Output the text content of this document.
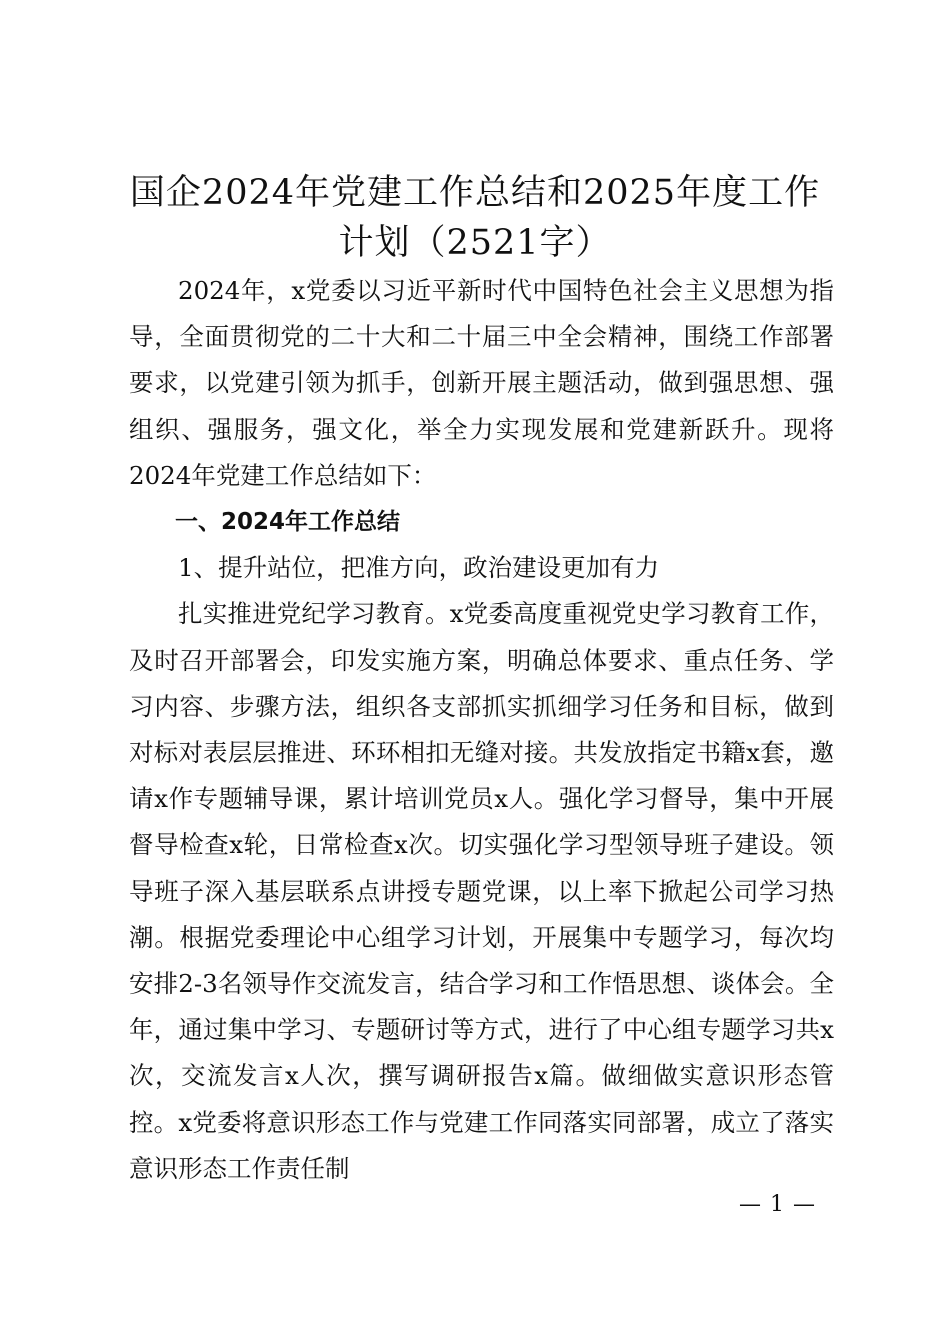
国企2024年党建工作总结和2025年度工作计划（2521字）

2024年，x党委以习近平新时代中国特色社会主义思想为指导，全面贯彻党的二十大和二十届三中全会精神，围绕工作部署要求，以党建引领为抓手，创新开展主题活动，做到强思想、强组织、强服务，强文化，举全力实现发展和党建新跃升。现将2024年党建工作总结如下：

一、2024年工作总结

1、提升站位，把准方向，政治建设更加有力

扎实推进党纪学习教育。x党委高度重视党史学习教育工作，及时召开部署会，印发实施方案，明确总体要求、重点任务、学习内容、步骤方法，组织各支部抓实抓细学习任务和目标，做到对标对表层层推进、环环相扣无缝对接。共发放指定书籍x套，邀请x作专题辅导课，累计培训党员x人。强化学习督导，集中开展督导检查x轮，日常检查x次。切实强化学习型领导班子建设。领导班子深入基层联系点讲授专题党课，以上率下掀起公司学习热潮。根据党委理论中心组学习计划，开展集中专题学习，每次均安排2-3名领导作交流发言，结合学习和工作悟思想、谈体会。全年，通过集中学习、专题研讨等方式，进行了中心组专题学习共x次，交流发言x人次，撰写调研报告x篇。做细做实意识形态管控。x党委将意识形态工作与党建工作同落实同部署，成立了落实意识形态工作责任制

— 1 —
